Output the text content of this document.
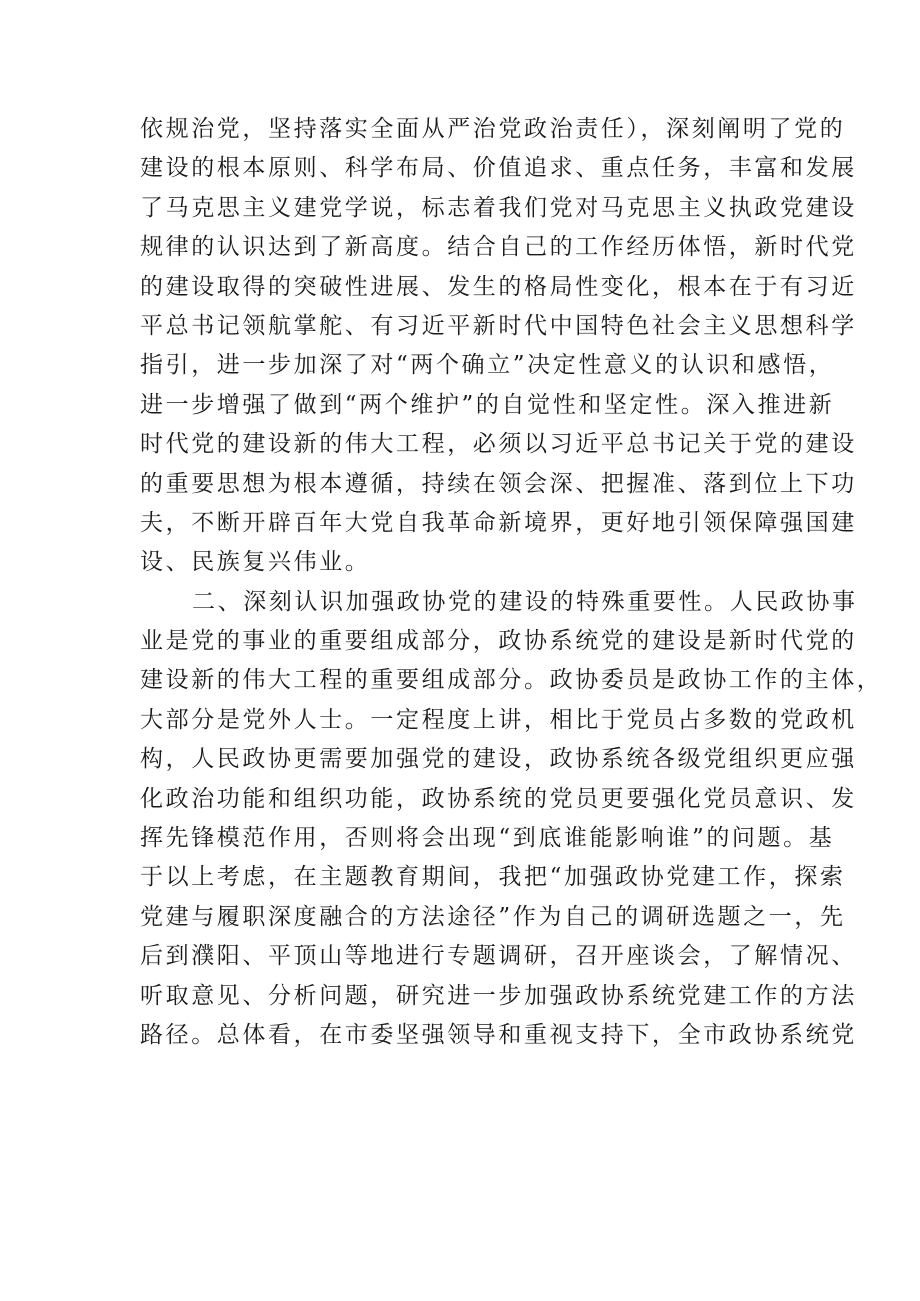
依规治党，坚持落实全面从严治党政治责任），深刻阐明了党的
建设的根本原则、科学布局、价值追求、重点任务，丰富和发展
了马克思主义建党学说，标志着我们党对马克思主义执政党建设
规律的认识达到了新高度。结合自己的工作经历体悟，新时代党
的建设取得的突破性进展、发生的格局性变化，根本在于有习近
平总书记领航掌舵、有习近平新时代中国特色社会主义思想科学
指引，进一步加深了对“两个确立”决定性意义的认识和感悟，
进一步增强了做到“两个维护”的自觉性和坚定性。深入推进新
时代党的建设新的伟大工程，必须以习近平总书记关于党的建设
的重要思想为根本遵循，持续在领会深、把握准、落到位上下功
夫，不断开辟百年大党自我革命新境界，更好地引领保障强国建
设、民族复兴伟业。
二、深刻认识加强政协党的建设的特殊重要性。人民政协事
业是党的事业的重要组成部分，政协系统党的建设是新时代党的
建设新的伟大工程的重要组成部分。政协委员是政协工作的主体，
大部分是党外人士。一定程度上讲，相比于党员占多数的党政机
构，人民政协更需要加强党的建设，政协系统各级党组织更应强
化政治功能和组织功能，政协系统的党员更要强化党员意识、发
挥先锋模范作用，否则将会出现“到底谁能影响谁”的问题。基
于以上考虑，在主题教育期间，我把“加强政协党建工作，探索
党建与履职深度融合的方法途径”作为自己的调研选题之一，先
后到濮阳、平顶山等地进行专题调研，召开座谈会，了解情况、
听取意见、分析问题，研究进一步加强政协系统党建工作的方法
路径。总体看，在市委坚强领导和重视支持下，全市政协系统党
